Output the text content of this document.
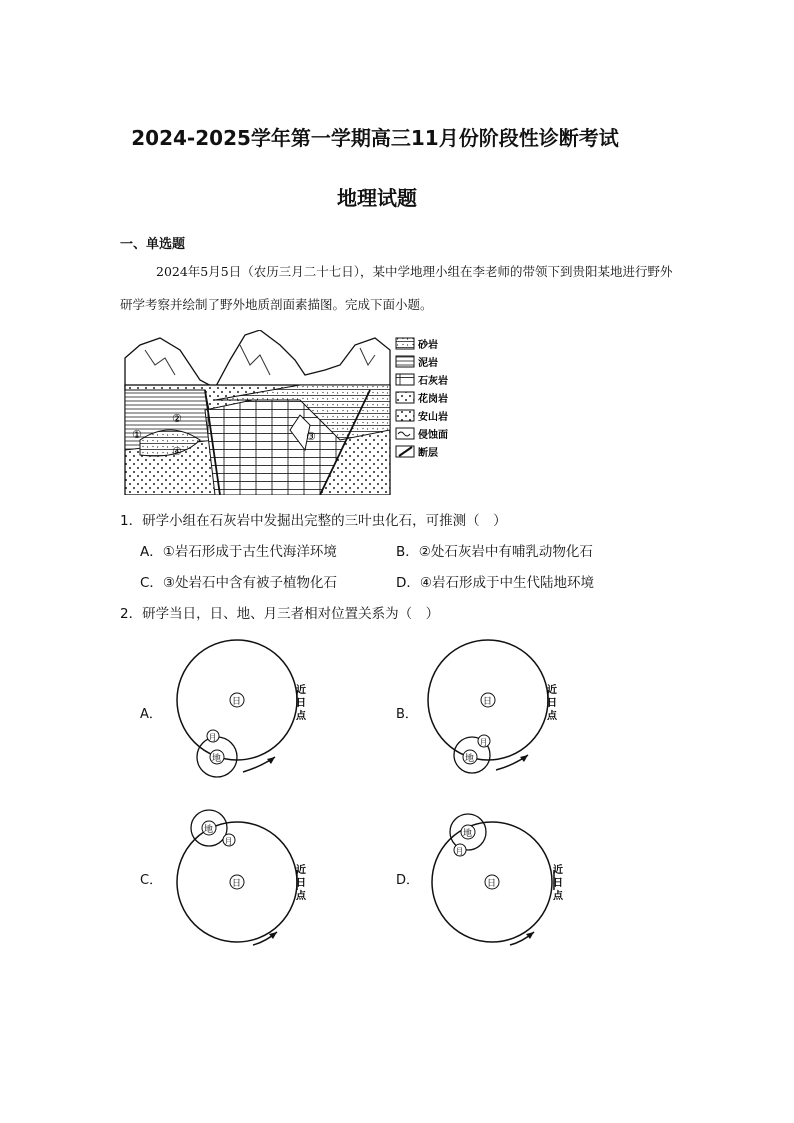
2024-2025学年第一学期高三11月份阶段性诊断考试
地理试题
一、单选题
2024年5月5日（农历三月二十七日），某中学地理小组在李老师的带领下到贵阳某地进行野外研学考察并绘制了野外地质剖面素描图。完成下面小题。
①
②
③
④
砂岩
泥岩
石灰岩
花岗岩
安山岩
侵蚀面
断层
1．研学小组在石灰岩中发掘出完整的三叶虫化石，可推测（　）
A．①岩石形成于古生代海洋环境	B．②处石灰岩中有哺乳动物化石
C．③处岩石中含有被子植物化石	D．④岩石形成于中生代陆地环境
2．研学当日，日、地、月三者相对位置关系为（　）
A．	B．
C．	D．
日
地
月
近
日
点
日
地
月
近
日
点
日
地
月
近
日
点
日
地
月
近
日
点
